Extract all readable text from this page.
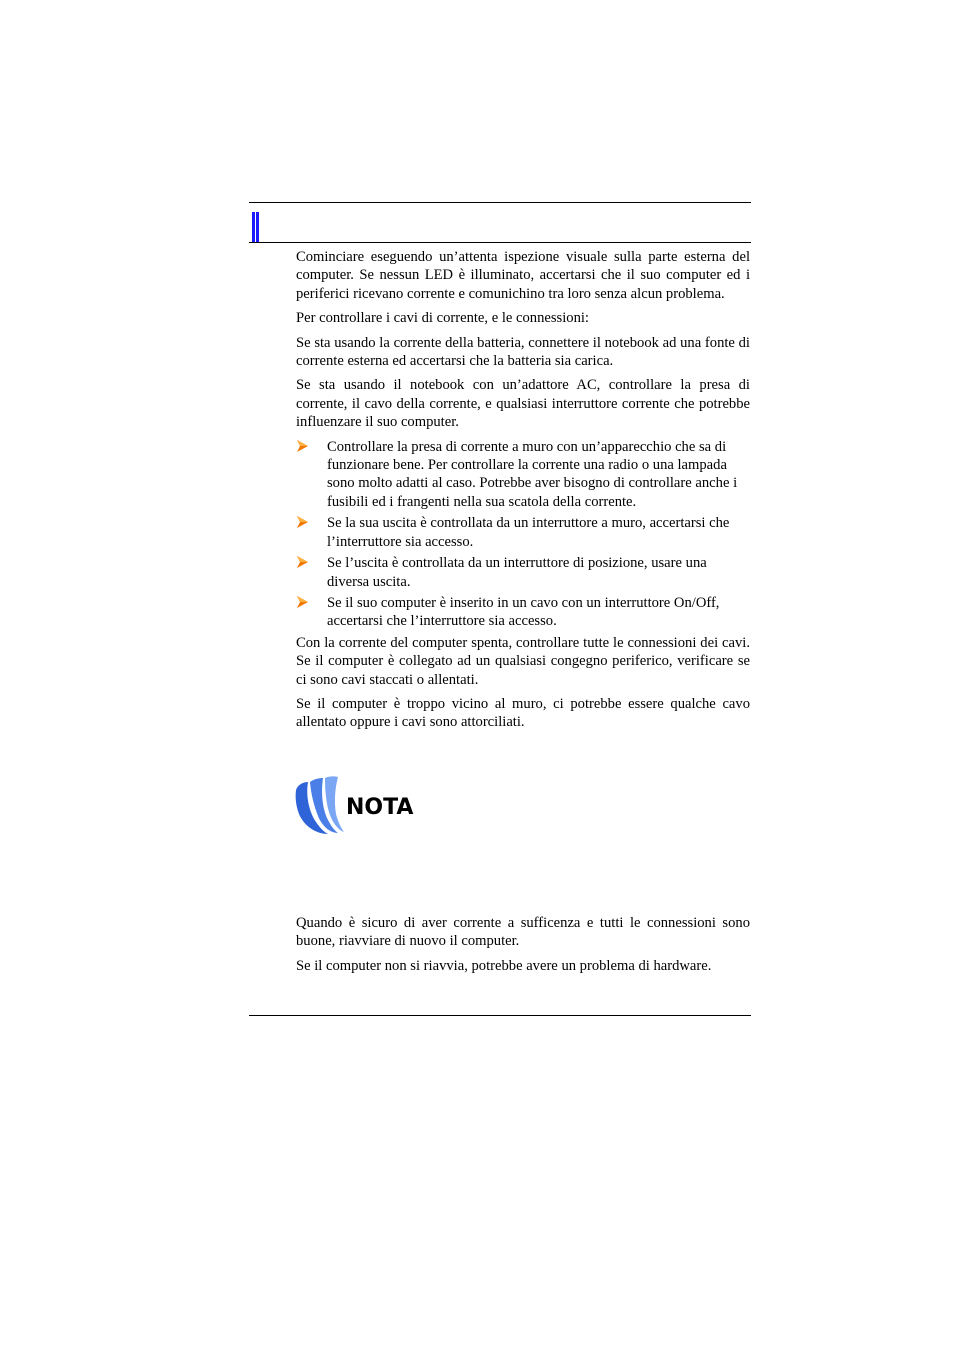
Cominciare eseguendo un’attenta ispezione visuale sulla parte esterna del computer. Se nessun LED è illuminato, accertarsi che il suo computer ed i periferici ricevano corrente e comunichino tra loro senza alcun problema.

Per controllare i cavi di corrente, e le connessioni:

Se sta usando la corrente della batteria, connettere il notebook ad una fonte di corrente esterna ed accertarsi che la batteria sia carica.

Se sta usando il notebook con un’adattore AC, controllare la presa di corrente, il cavo della corrente, e qualsiasi interruttore corrente che potrebbe influenzare il suo computer.

Controllare la presa di corrente a muro con un’apparecchio che sa di funzionare bene. Per controllare la corrente una radio o una lampada sono molto adatti al caso. Potrebbe aver bisogno di controllare anche i fusibili ed i frangenti nella sua scatola della corrente.
Se la sua uscita è controllata da un interruttore a muro, accertarsi che l’interruttore sia accesso.
Se l’uscita è controllata da un interruttore di posizione, usare una diversa uscita.
Se il suo computer è inserito in un cavo con un interruttore On/Off, accertarsi che l’interruttore sia accesso.

Con la corrente del computer spenta, controllare tutte le connessioni dei cavi. Se il computer è collegato ad un qualsiasi congegno periferico, verificare se ci sono cavi staccati o allentati.

Se il computer è troppo vicino al muro, ci potrebbe essere qualche cavo allentato oppure i cavi sono attorciliati.

NOTA

Quando è sicuro di aver corrente a sufficenza e tutti le connessioni sono buone, riavviare di nuovo il computer.

Se il computer non si riavvia, potrebbe avere un problema di hardware.
